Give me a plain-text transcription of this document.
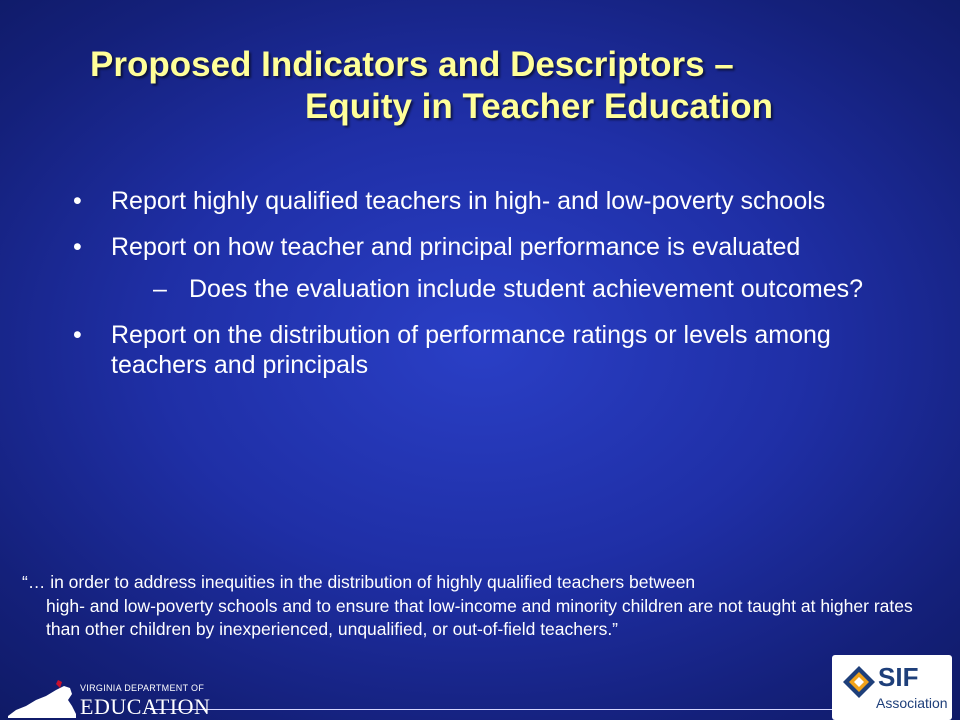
Proposed Indicators and Descriptors –
Equity in Teacher Education
• Report highly qualified teachers in high- and low-poverty schools
• Report on how teacher and principal performance is evaluated
– Does the evaluation include student achievement outcomes?
• Report on the distribution of performance ratings or levels among teachers and principals
“… in order to address inequities in the distribution of highly qualified teachers between
high- and low-poverty schools and to ensure that low-income and minority children are not taught at higher rates than other children by inexperienced, unqualified, or out-of-field teachers.”
VIRGINIA DEPARTMENT OF
EDUCATION
SIF
Association
